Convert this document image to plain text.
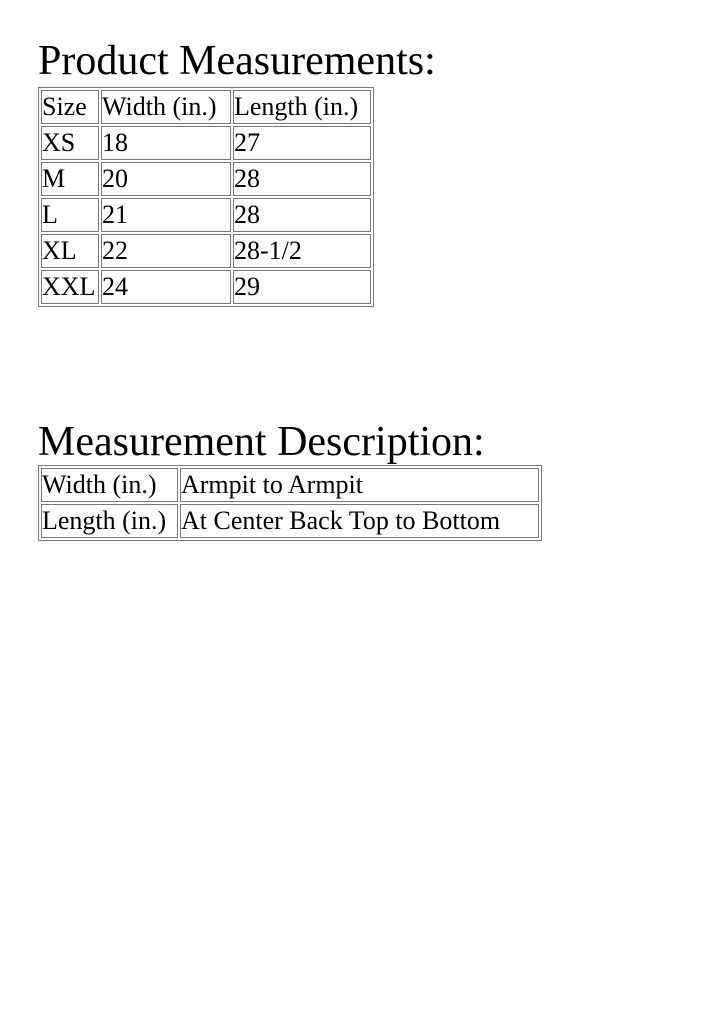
Product Measurements:
Size	Width (in.)	Length (in.)
XS	18	27
M	20	28
L	21	28
XL	22	28-1/2
XXL	24	29
Measurement Description:
Width (in.)	Armpit to Armpit
Length (in.)	At Center Back Top to Bottom
